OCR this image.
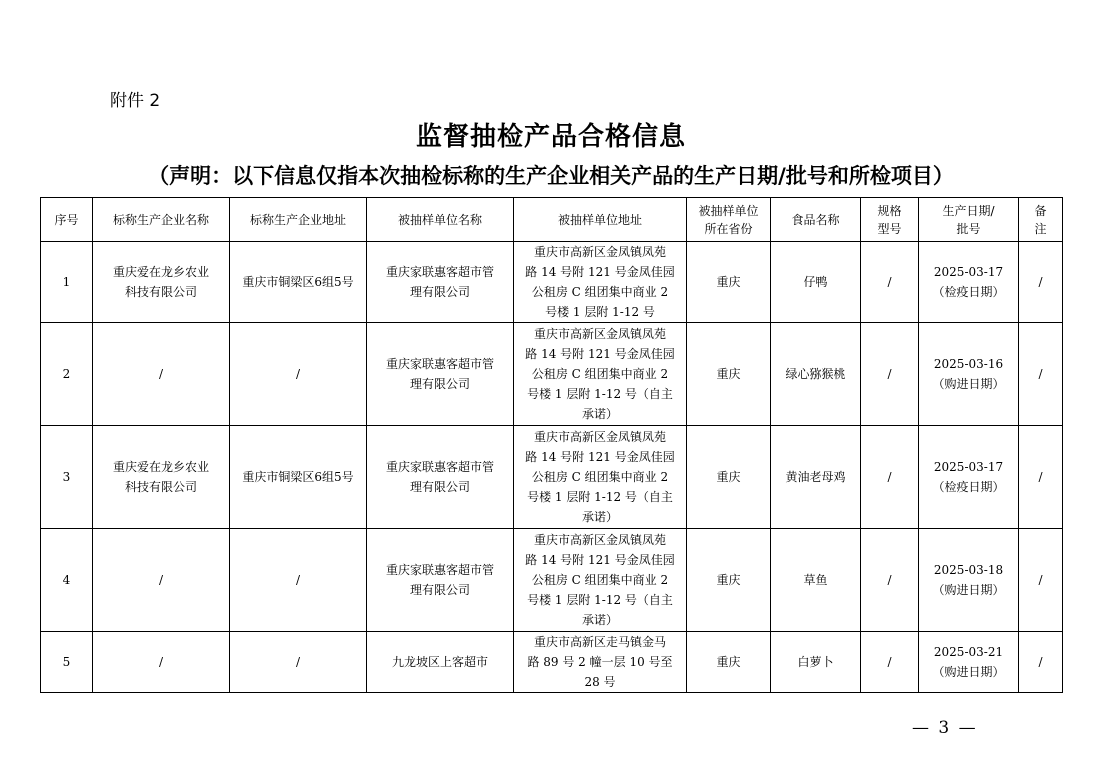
附件 2
监督抽检产品合格信息
（声明：以下信息仅指本次抽检标称的生产企业相关产品的生产日期/批号和所检项目）
序号	标称生产企业名称	标称生产企业地址	被抽样单位名称	被抽样单位地址	被抽样单位
所在省份	食品名称	规格
型号	生产日期/
批号	备
注
1	重庆爱在龙乡农业
科技有限公司	重庆市铜梁区6组5号	重庆家联惠客超市管
理有限公司	重庆市高新区金凤镇凤苑
路 14 号附 121 号金凤佳园
公租房 C 组团集中商业 2
号楼 1 层附 1-12 号	重庆	仔鸭	/	2025-03-17
（检疫日期）	/
2	/	/	重庆家联惠客超市管
理有限公司	重庆市高新区金凤镇凤苑
路 14 号附 121 号金凤佳园
公租房 C 组团集中商业 2
号楼 1 层附 1-12 号（自主
承诺）	重庆	绿心猕猴桃	/	2025-03-16
（购进日期）	/
3	重庆爱在龙乡农业
科技有限公司	重庆市铜梁区6组5号	重庆家联惠客超市管
理有限公司	重庆市高新区金凤镇凤苑
路 14 号附 121 号金凤佳园
公租房 C 组团集中商业 2
号楼 1 层附 1-12 号（自主
承诺）	重庆	黄油老母鸡	/	2025-03-17
（检疫日期）	/
4	/	/	重庆家联惠客超市管
理有限公司	重庆市高新区金凤镇凤苑
路 14 号附 121 号金凤佳园
公租房 C 组团集中商业 2
号楼 1 层附 1-12 号（自主
承诺）	重庆	草鱼	/	2025-03-18
（购进日期）	/
5	/	/	九龙坡区上客超市	重庆市高新区走马镇金马
路 89 号 2 幢一层 10 号至
28 号	重庆	白萝卜	/	2025-03-21
（购进日期）	/
— 3 —
